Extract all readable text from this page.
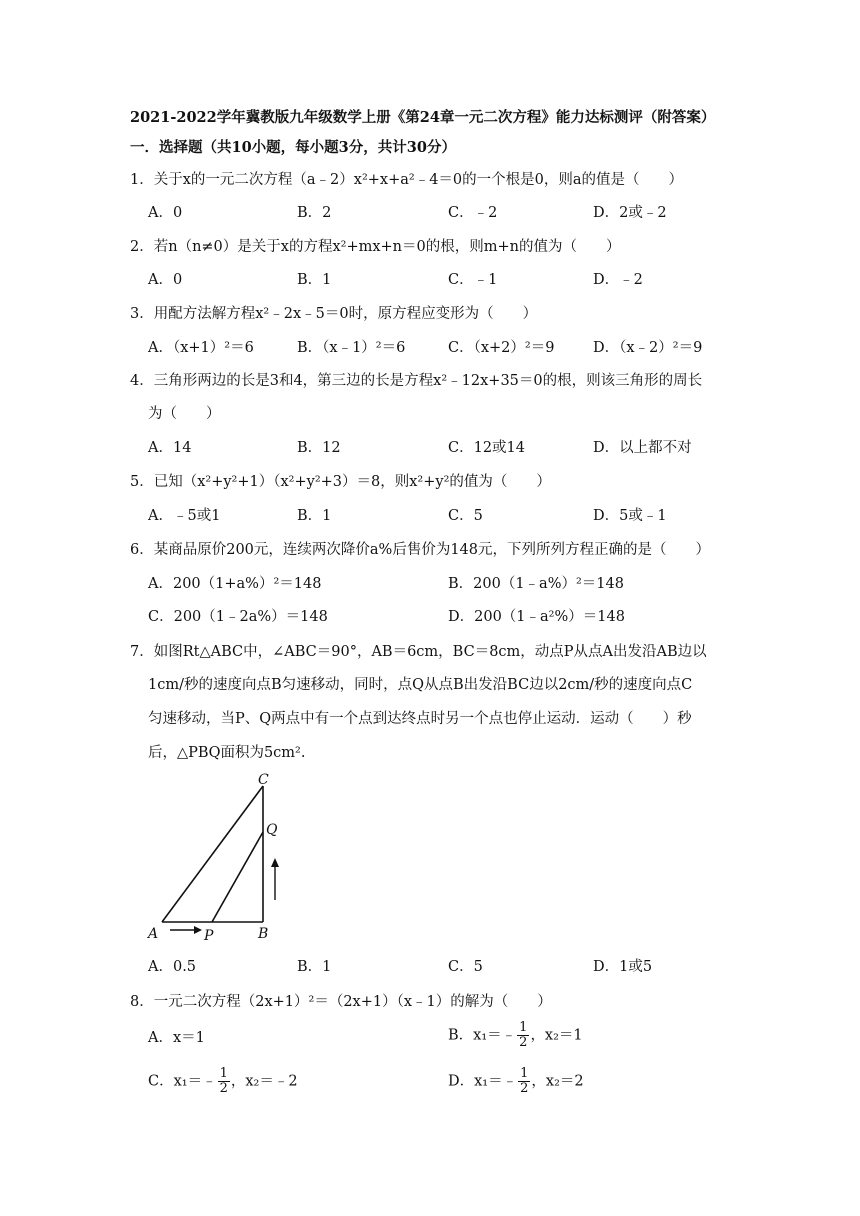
2021-2022学年冀教版九年级数学上册《第24章一元二次方程》能力达标测评（附答案）
一．选择题（共10小题，每小题3分，共计30分）
1．关于x的一元二次方程（a﹣2）x²+x+a²﹣4＝0的一个根是0，则a的值是（　　）
A．0	B．2	C．﹣2	D．2或﹣2
2．若n（n≠0）是关于x的方程x²+mx+n＝0的根，则m+n的值为（　　）
A．0	B．1	C．﹣1	D．﹣2
3．用配方法解方程x²﹣2x﹣5＝0时，原方程应变形为（　　）
A．（x+1）²＝6	B．（x﹣1）²＝6	C．（x+2）²＝9	D．（x﹣2）²＝9
4．三角形两边的长是3和4，第三边的长是方程x²﹣12x+35＝0的根，则该三角形的周长
为（　　）
A．14	B．12	C．12或14	D．以上都不对
5．已知（x²+y²+1）（x²+y²+3）＝8，则x²+y²的值为（　　）
A．﹣5或1	B．1	C．5	D．5或﹣1
6．某商品原价200元，连续两次降价a%后售价为148元，下列所列方程正确的是（　　）
A．200（1+a%）²＝148	B．200（1﹣a%）²＝148
C．200（1﹣2a%）＝148	D．200（1﹣a²%）＝148
7．如图Rt△ABC中，∠ABC＝90°，AB＝6cm，BC＝8cm，动点P从点A出发沿AB边以
1cm/秒的速度向点B匀速移动，同时，点Q从点B出发沿BC边以2cm/秒的速度向点C
匀速移动，当P、Q两点中有一个点到达终点时另一个点也停止运动．运动（　　）秒
后，△PBQ面积为5cm².
C
Q
A	P	B
A．0.5	B．1	C．5	D．1或5
8．一元二次方程（2x+1）²＝（2x+1）（x﹣1）的解为（　　）
A．x＝1	B．x₁＝﹣ $\frac{1}{2}$ ，x₂＝1
C．x₁＝﹣ $\frac{1}{2}$ ，x₂＝﹣2	D．x₁＝﹣ $\frac{1}{2}$ ，x₂＝2
